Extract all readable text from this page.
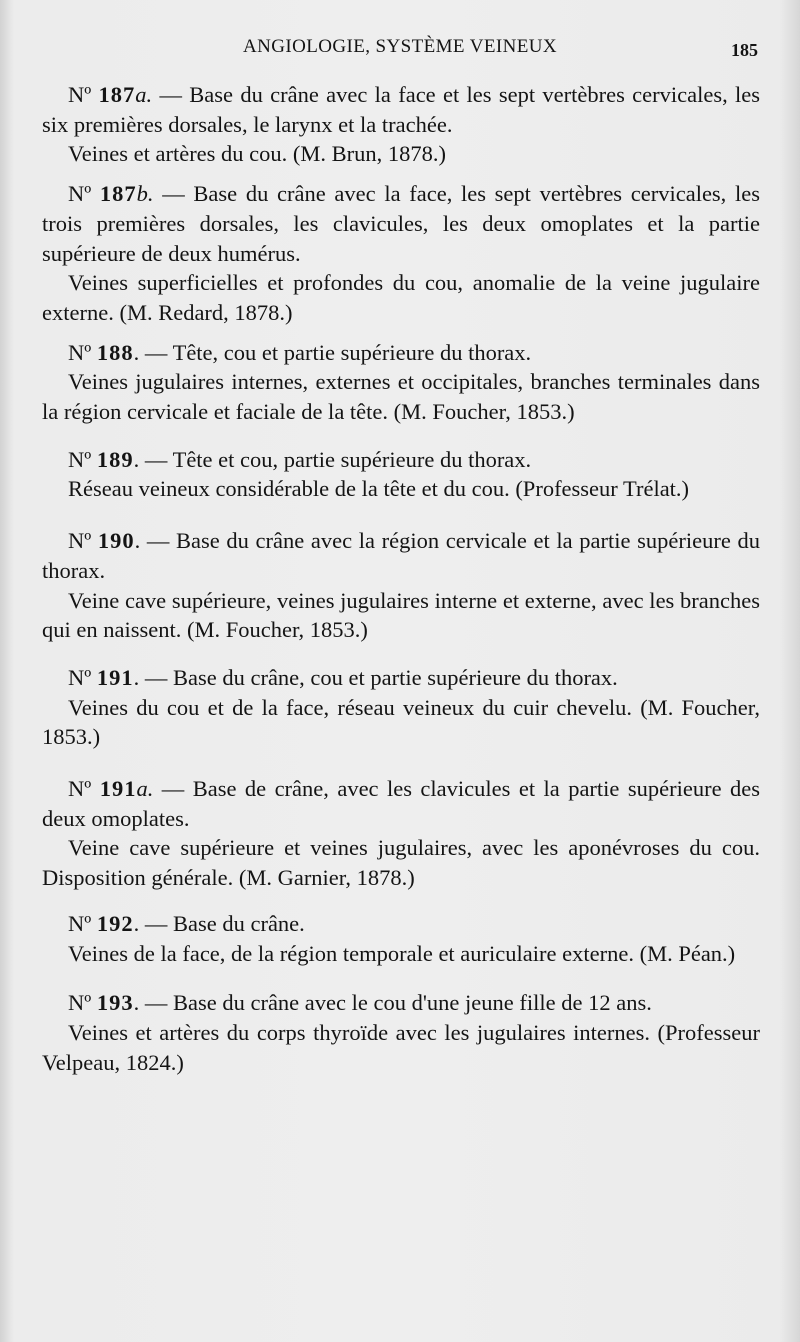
ANGIOLOGIE, SYSTÈME VEINEUX	185

Nº 187a. — Base du crâne avec la face et les sept vertèbres cervicales, les six premières dorsales, le larynx et la trachée.

Veines et artères du cou. (M. Brun, 1878.)

Nº 187b. — Base du crâne avec la face, les sept vertèbres cervicales, les trois premières dorsales, les clavicules, les deux omoplates et la partie supérieure de deux humérus.

Veines superficielles et profondes du cou, anomalie de la veine jugulaire externe. (M. Redard, 1878.)

Nº 188. — Tête, cou et partie supérieure du thorax.

Veines jugulaires internes, externes et occipitales, branches terminales dans la région cervicale et faciale de la tête. (M. Foucher, 1853.)

Nº 189. — Tête et cou, partie supérieure du thorax.

Réseau veineux considérable de la tête et du cou. (Professeur Trélat.)

Nº 190. — Base du crâne avec la région cervicale et la partie supérieure du thorax.

Veine cave supérieure, veines jugulaires interne et externe, avec les branches qui en naissent. (M. Foucher, 1853.)

Nº 191. — Base du crâne, cou et partie supérieure du thorax.

Veines du cou et de la face, réseau veineux du cuir chevelu. (M. Foucher, 1853.)

Nº 191a. — Base de crâne, avec les clavicules et la partie supérieure des deux omoplates.

Veine cave supérieure et veines jugulaires, avec les aponévroses du cou. Disposition générale. (M. Garnier, 1878.)

Nº 192. — Base du crâne.

Veines de la face, de la région temporale et auriculaire externe. (M. Péan.)

Nº 193. — Base du crâne avec le cou d'une jeune fille de 12 ans.

Veines et artères du corps thyroïde avec les jugulaires internes. (Professeur Velpeau, 1824.)
